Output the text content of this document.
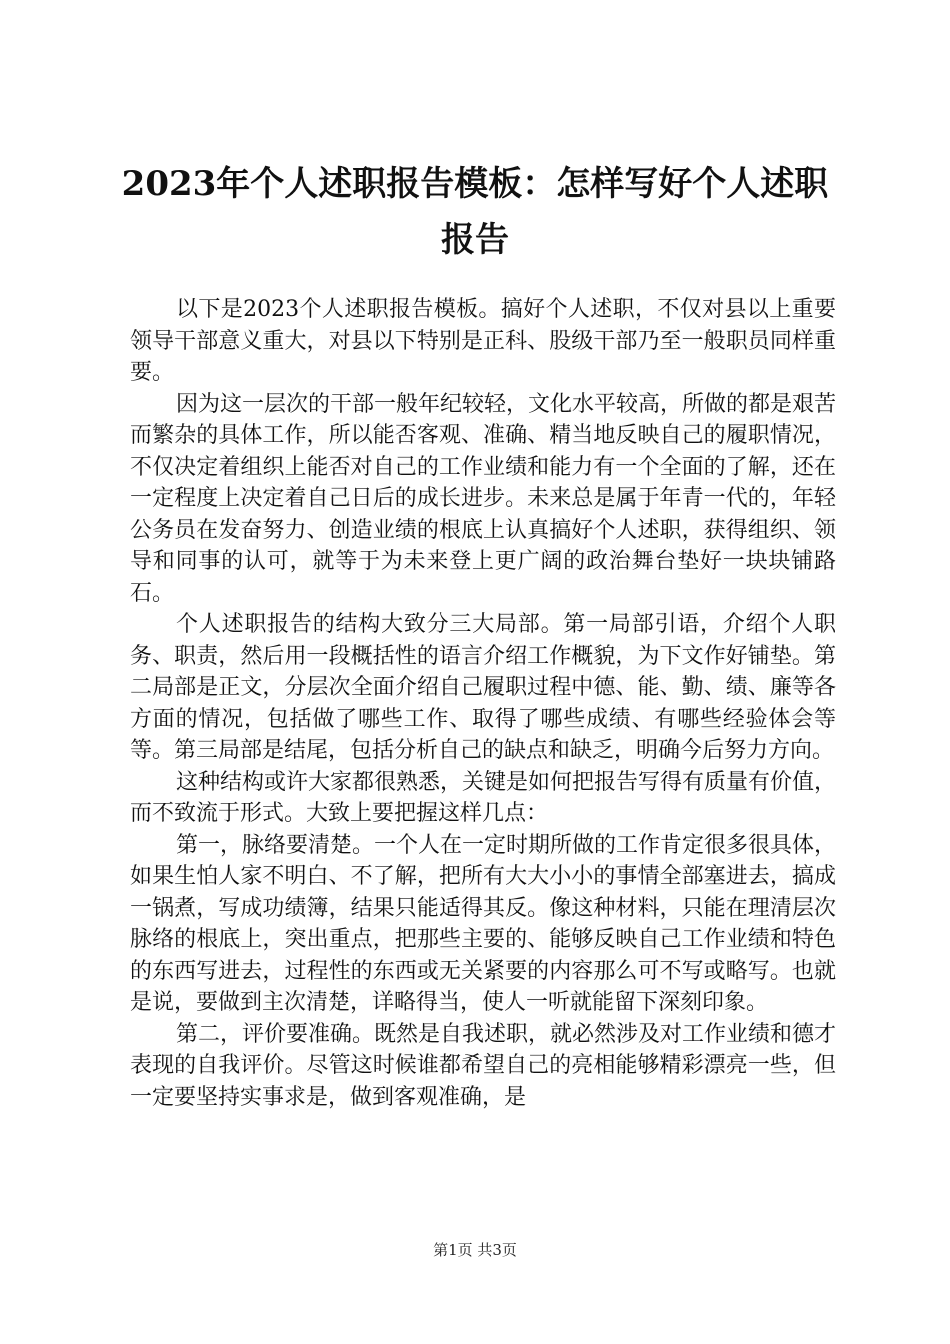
2023年个人述职报告模板：怎样写好个人述职报告

以下是2023个人述职报告模板。搞好个人述职，不仅对县以上重要领导干部意义重大，对县以下特别是正科、股级干部乃至一般职员同样重要。

因为这一层次的干部一般年纪较轻，文化水平较高，所做的都是艰苦而繁杂的具体工作，所以能否客观、准确、精当地反映自己的履职情况，不仅决定着组织上能否对自己的工作业绩和能力有一个全面的了解，还在一定程度上决定着自己日后的成长进步。未来总是属于年青一代的，年轻公务员在发奋努力、创造业绩的根底上认真搞好个人述职，获得组织、领导和同事的认可，就等于为未来登上更广阔的政治舞台垫好一块块铺路石。

个人述职报告的结构大致分三大局部。第一局部引语，介绍个人职务、职责，然后用一段概括性的语言介绍工作概貌，为下文作好铺垫。第二局部是正文，分层次全面介绍自己履职过程中德、能、勤、绩、廉等各方面的情况，包括做了哪些工作、取得了哪些成绩、有哪些经验体会等等。第三局部是结尾，包括分析自己的缺点和缺乏，明确今后努力方向。

这种结构或许大家都很熟悉，关键是如何把报告写得有质量有价值，而不致流于形式。大致上要把握这样几点：

第一，脉络要清楚。一个人在一定时期所做的工作肯定很多很具体，如果生怕人家不明白、不了解，把所有大大小小的事情全部塞进去，搞成一锅煮，写成功绩簿，结果只能适得其反。像这种材料，只能在理清层次脉络的根底上，突出重点，把那些主要的、能够反映自己工作业绩和特色的东西写进去，过程性的东西或无关紧要的内容那么可不写或略写。也就是说，要做到主次清楚，详略得当，使人一听就能留下深刻印象。

第二，评价要准确。既然是自我述职，就必然涉及对工作业绩和德才表现的自我评价。尽管这时候谁都希望自己的亮相能够精彩漂亮一些，但一定要坚持实事求是，做到客观准确，是

第1页 共3页
